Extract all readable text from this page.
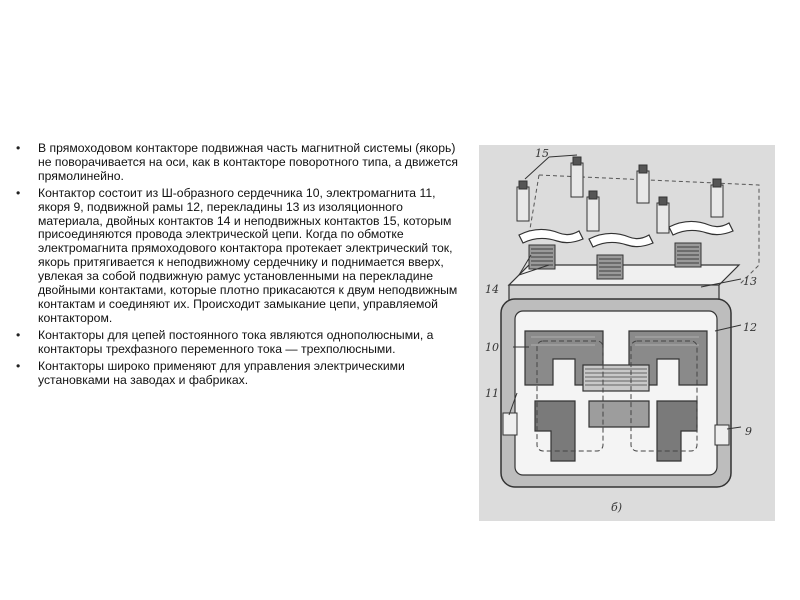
• В прямоходовом контакторе подвижная часть магнитной системы (якорь) не поворачивается на оси, как в контакторе поворотного типа, а движется прямолинейно.
• Контактор состоит из Ш-образного сердечника 10, электромагнита 11, якоря 9, подвижной рамы 12, перекладины 13 из изоляционного материала, двойных контактов 14 и неподвижных контактов 15, которым присоединяются провода электрической цепи. Когда по обмотке электромагнита прямоходового контактора протекает электрический ток, якорь притягивается к неподвижному сердечнику и поднимается вверх, увлекая за собой подвижную рамус установленными на перекладине двойными контактами, которые плотно прикасаются к двум неподвижным контактам и соединяют их. Происходит замыкание цепи, управляемой контактором.
• Контакторы для цепей постоянного тока являются однополюсными, а контакторы трехфазного переменного тока — трехполюсными.
• Контакторы широко применяют для управления электрическими установками на заводах и фабриках.
15
14
13
12
10
11
9
б)
